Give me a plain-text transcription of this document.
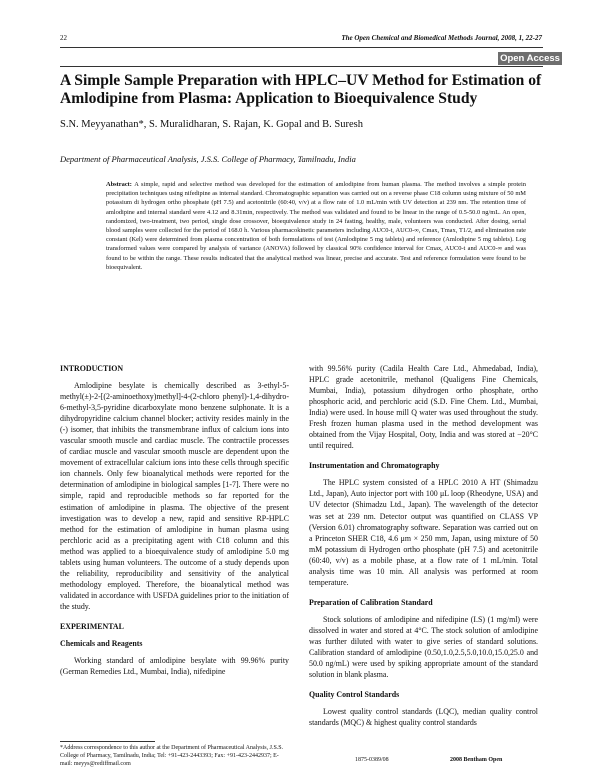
22	The Open Chemical and Biomedical Methods Journal, 2008, 1, 22-27
Open Access
A Simple Sample Preparation with HPLC–UV Method for Estimation of Amlodipine from Plasma: Application to Bioequivalence Study
S.N. Meyyanathan*, S. Muralidharan, S. Rajan, K. Gopal and B. Suresh
Department of Pharmaceutical Analysis, J.S.S. College of Pharmacy, Tamilnadu, India

Abstract: A simple, rapid and selective method was developed for the estimation of amlodipine from human plasma. The method involves a simple protein precipitation techniques using nifedipine as internal standard. Chromatographic separation was carried out on a reverse phase C18 column using mixture of 50 mM potassium di hydrogen ortho phosphate (pH 7.5) and acetonitrile (60:40, v/v) at a flow rate of 1.0 mL/min with UV detection at 239 nm. The retention time of amlodipine and internal standard were 4.12 and 8.31min, respectively. The method was validated and found to be linear in the range of 0.5-50.0 ng/mL. An open, randomized, two-treatment, two period, single dose crossover, bioequivalence study in 24 fasting, healthy, male, volunteers was conducted. After dosing, serial blood samples were collected for the period of 168.0 h. Various pharmacokinetic parameters including AUC0-t, AUC0-∞, Cmax, Tmax, T1/2, and elimination rate constant (Kel) were determined from plasma concentration of both formulations of test (Amlodipine 5 mg tablets) and reference (Amlodipine 5 mg tablets). Log transformed values were compared by analysis of variance (ANOVA) followed by classical 90% confidence interval for Cmax, AUC0-t and AUC0-∞ and was found to be within the range. These results indicated that the analytical method was linear, precise and accurate. Test and reference formulation were found to be bioequivalent.

INTRODUCTION

Amlodipine besylate is chemically described as 3-ethyl-5-methyl(±)-2-[(2-aminoethoxy)methyl]-4-(2-chloro phenyl)-1,4-dihydro-6-methyl-3,5-pyridine dicarboxylate mono benzene sulphonate. It is a dihydropyridine calcium channel blocker; activity resides mainly in the (-) isomer, that inhibits the transmembrane influx of calcium ions into vascular smooth muscle and cardiac muscle. The contractile processes of cardiac muscle and vascular smooth muscle are dependent upon the movement of extracellular calcium ions into these cells through specific ion channels. Only few bioanalytical methods were reported for the determination of amlodipine in biological samples [1-7]. There were no simple, rapid and reproducible methods so far reported for the estimation of amlodipine in plasma. The objective of the present investigation was to develop a new, rapid and sensitive RP-HPLC method for the estimation of amlodipine in human plasma using perchloric acid as a precipitating agent with C18 column and this method was applied to a bioequivalence study of amlodipine 5.0 mg tablets using human volunteers. The outcome of a study depends upon the reliability, reproducibility and sensitivity of the analytical methodology employed. Therefore, the bioanalytical method was validated in accordance with USFDA guidelines prior to the initiation of the study.

EXPERIMENTAL
Chemicals and Reagents

Working standard of amlodipine besylate with 99.96% purity (German Remedies Ltd., Mumbai, India), nifedipine

with 99.56% purity (Cadila Health Care Ltd., Ahmedabad, India), HPLC grade acetonitrile, methanol (Qualigens Fine Chemicals, Mumbai, India), potassium dihydrogen ortho phosphate, ortho phosphoric acid, and perchloric acid (S.D. Fine Chem. Ltd., Mumbai, India) were used. In house mill Q water was used throughout the study. Fresh frozen human plasma used in the method development was obtained from the Vijay Hospital, Ooty, India and was stored at −20°C until required.

Instrumentation and Chromatography

The HPLC system consisted of a HPLC 2010 A HT (Shimadzu Ltd., Japan), Auto injector port with 100 μL loop (Rheodyne, USA) and UV detector (Shimadzu Ltd., Japan). The wavelength of the detector was set at 239 nm. Detector output was quantified on CLASS VP (Version 6.01) chromatography software. Separation was carried out on a Princeton SHER C18, 4.6 μm × 250 mm, Japan, using mixture of 50 mM potassium di Hydrogen ortho phosphate (pH 7.5) and acetonitrile (60:40, v/v) as a mobile phase, at a flow rate of 1 mL/min. Total analysis time was 10 min. All analysis was performed at room temperature.

Preparation of Calibration Standard

Stock solutions of amlodipine and nifedipine (I.S) (1 mg/ml) were dissolved in water and stored at 4°C. The stock solution of amlodipine was further diluted with water to give series of standard solutions. Calibration standard of amlodipine (0.50,1.0,2.5,5.0,10.0,15.0,25.0 and 50.0 ng/mL) were used by spiking appropriate amount of the standard solution in blank plasma.

Quality Control Standards

Lowest quality control standards (LQC), median quality control standards (MQC) & highest quality control standards

*Address correspondence to this author at the Department of Pharmaceutical Analysis, J.S.S. College of Pharmacy, Tamilnadu, India; Tel: +91-423-2443393; Fax: +91-423-2442937; E-mail: meyys@rediffmail.com

1875-0389/08	2008 Bentham Open
